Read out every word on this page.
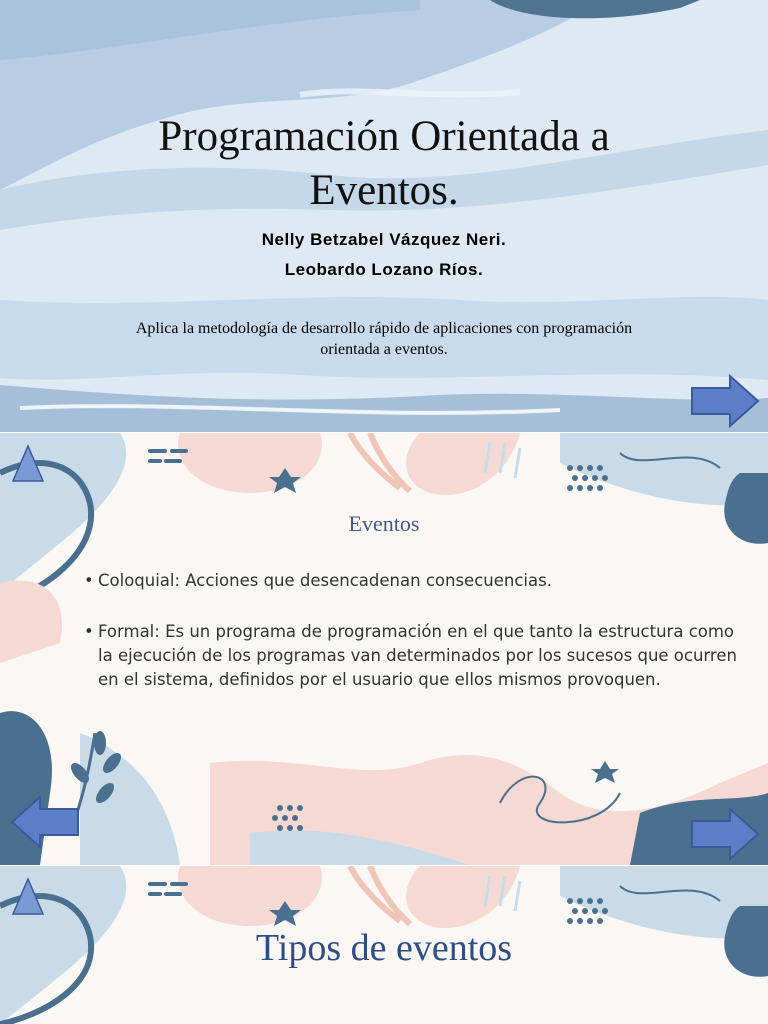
Programación Orientada a
Eventos.
Nelly Betzabel Vázquez Neri.
Leobardo Lozano Ríos.
Aplica la metodología de desarrollo rápido de aplicaciones con programación orientada a eventos.
Eventos
• Coloquial: Acciones que desencadenan consecuencias.
• Formal: Es un programa de programación en el que tanto la estructura como la ejecución de los programas van determinados por los sucesos que ocurren en el sistema, definidos por el usuario que ellos mismos provoquen.
Tipos de eventos
